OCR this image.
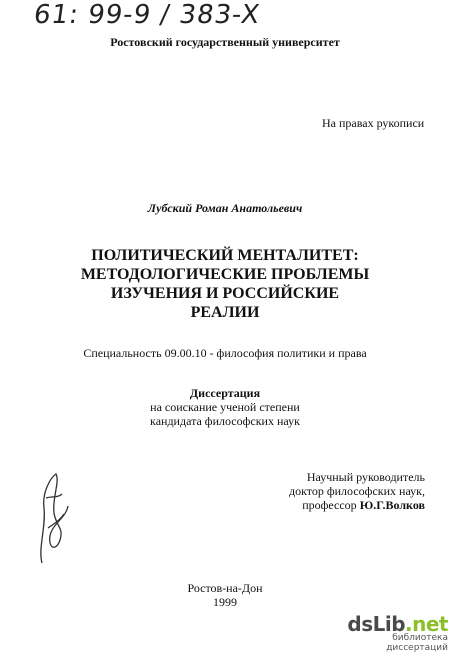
61: 99-9 / 383-X
Ростовский государственный университет
На правах рукописи
Лубский Роман Анатольевич
ПОЛИТИЧЕСКИЙ МЕНТАЛИТЕТ:
МЕТОДОЛОГИЧЕСКИЕ ПРОБЛЕМЫ
ИЗУЧЕНИЯ И РОССИЙСКИЕ
РЕАЛИИ
Специальность 09.00.10 - философия политики и права
Диссертация
на соискание ученой степени
кандидата философских наук
Научный руководитель
доктор философских наук,
профессор Ю.Г.Волков
Ростов-на-Дон
1999
dsLib.net
библиотека диссертаций
